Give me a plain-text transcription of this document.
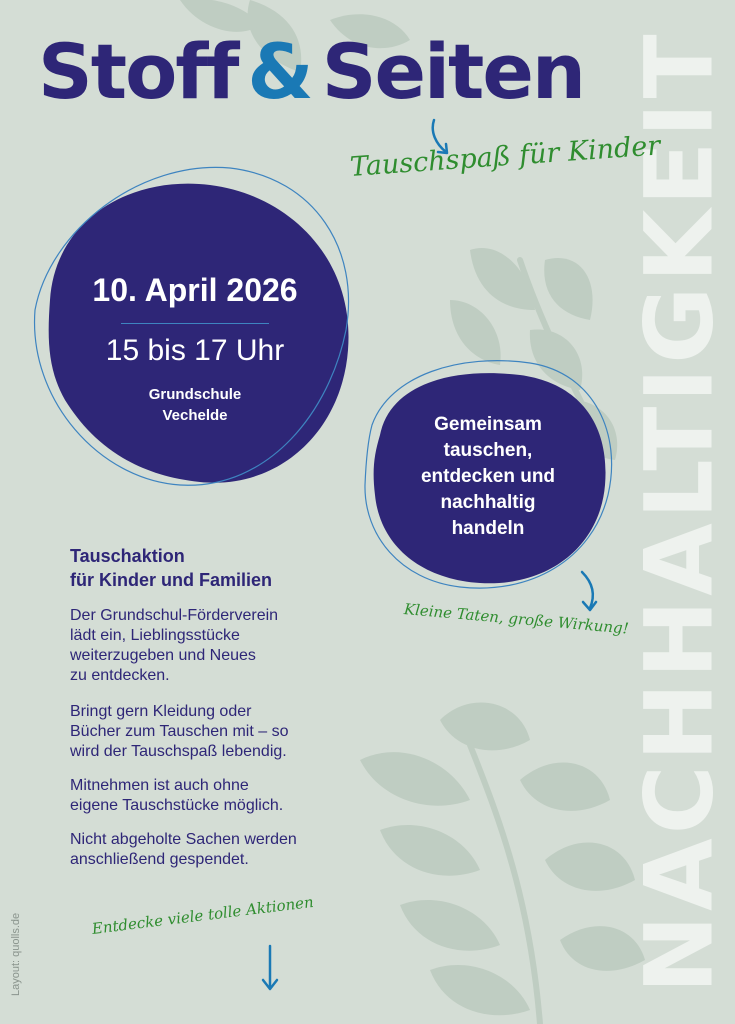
NACHHALTIGKEIT
Stoff & Seiten
Tauschspaß für Kinder
10. April 2026
15 bis 17 Uhr
Grundschule
Vechelde	Gemeinsam
tauschen,
entdecken und
nachhaltig
handeln
Kleine Taten, große Wirkung!
Tauschaktion
für Kinder und Familien
Der Grundschul-Förderverein
lädt ein, Lieblingsstücke
weiterzugeben und Neues
zu entdecken.
Bringt gern Kleidung oder
Bücher zum Tauschen mit – so
wird der Tauschspaß lebendig.
Mitnehmen ist auch ohne
eigene Tauschstücke möglich.
Nicht abgeholte Sachen werden
anschließend gespendet.
Entdecke viele tolle Aktionen
Layout: quolls.de
